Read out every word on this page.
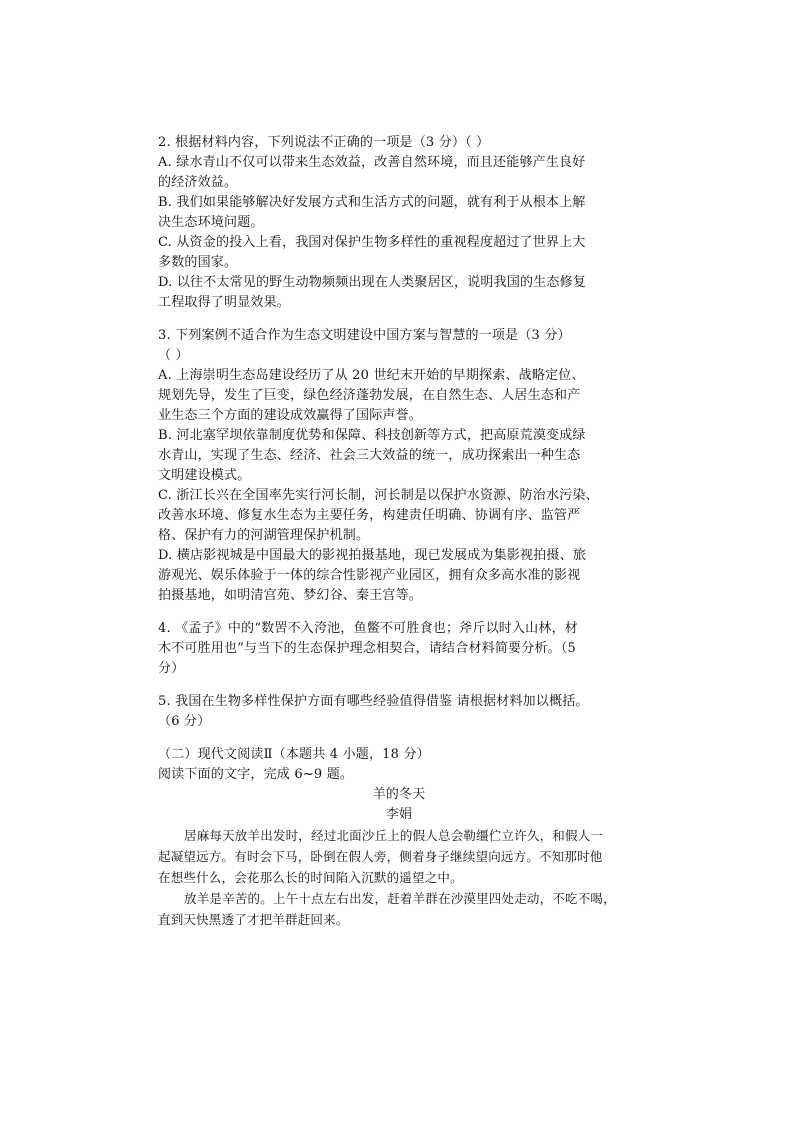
2. 根据材料内容，下列说法不正确的一项是（3 分）（ ）
A. 绿水青山不仅可以带来生态效益，改善自然环境，而且还能够产生良好
的经济效益。
B. 我们如果能够解决好发展方式和生活方式的问题，就有利于从根本上解
决生态环境问题。
C. 从资金的投入上看，我国对保护生物多样性的重视程度超过了世界上大
多数的国家。
D. 以往不太常见的野生动物频频出现在人类聚居区，说明我国的生态修复
工程取得了明显效果。
3. 下列案例不适合作为生态文明建设中国方案与智慧的一项是（3 分）
（ ）
A. 上海崇明生态岛建设经历了从 20 世纪末开始的早期探索、战略定位、
规划先导，发生了巨变，绿色经济蓬勃发展，在自然生态、人居生态和产
业生态三个方面的建设成效赢得了国际声誉。
B. 河北塞罕坝依靠制度优势和保障、科技创新等方式，把高原荒漠变成绿
水青山，实现了生态、经济、社会三大效益的统一，成功探索出一种生态
文明建设模式。
C. 浙江长兴在全国率先实行河长制，河长制是以保护水资源、防治水污染、
改善水环境、修复水生态为主要任务，构建责任明确、协调有序、监管严
格、保护有力的河湖管理保护机制。
D. 横店影视城是中国最大的影视拍摄基地，现已发展成为集影视拍摄、旅
游观光、娱乐体验于一体的综合性影视产业园区，拥有众多高水准的影视
拍摄基地，如明清宫苑、梦幻谷、秦王宫等。
4. 《孟子》中的“数罟不入洿池，鱼鳖不可胜食也；斧斤以时入山林，材
木不可胜用也”与当下的生态保护理念相契合，请结合材料简要分析。（5
分）
5. 我国在生物多样性保护方面有哪些经验值得借鉴 请根据材料加以概括。
（6 分）
（二）现代文阅读Ⅱ（本题共 4 小题，18 分）
阅读下面的文字，完成 6~9 题。
羊的冬天
李娟
居麻每天放羊出发时，经过北面沙丘上的假人总会勒缰伫立许久，和假人一
起凝望远方。有时会下马，卧倒在假人旁，侧着身子继续望向远方。不知那时他
在想些什么，会花那么长的时间陷入沉默的遥望之中。
放羊是辛苦的。上午十点左右出发，赶着羊群在沙漠里四处走动，不吃不喝，
直到天快黑透了才把羊群赶回来。
